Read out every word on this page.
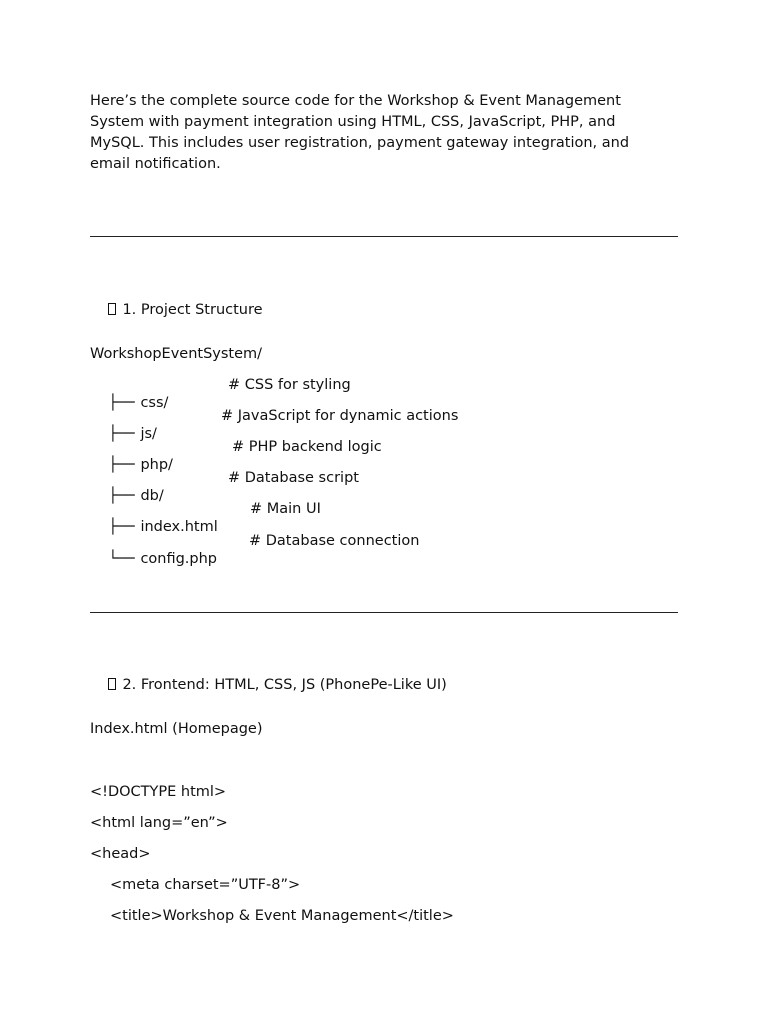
Here’s the complete source code for the Workshop & Event Management System with payment integration using HTML, CSS, JavaScript, PHP, and MySQL. This includes user registration, payment gateway integration, and email notification.

1. Project Structure

WorkshopEventSystem/

├── css/
# CSS for styling

├── js/
# JavaScript for dynamic actions

├── php/
# PHP backend logic

├── db/
# Database script

├── index.html
# Main UI

└── config.php
# Database connection

2. Frontend: HTML, CSS, JS (PhonePe-Like UI)

Index.html (Homepage)
<!DOCTYPE html>
<html lang=”en”>
<head>
<meta charset=”UTF-8”>
<title>Workshop & Event Management</title>
